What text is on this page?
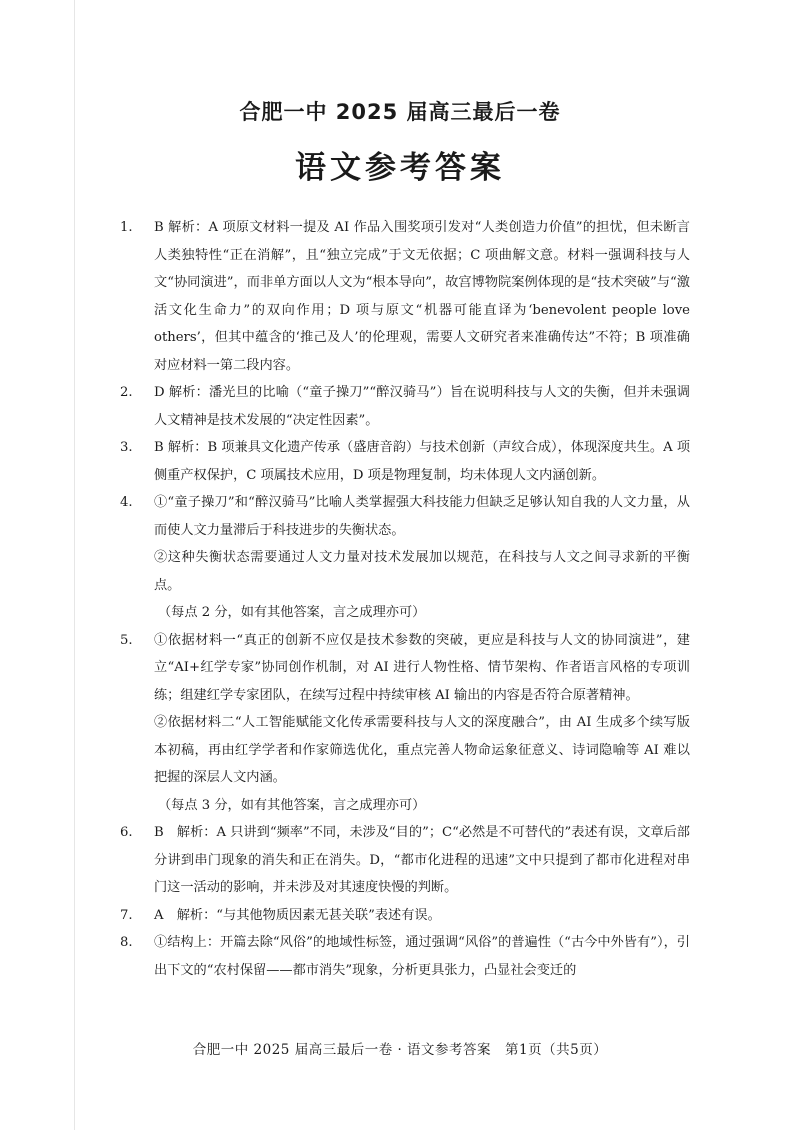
合肥一中 2025 届高三最后一卷
语文参考答案
1.	B 解析：A 项原文材料一提及 AI 作品入围奖项引发对“人类创造力价值”的担忧，但未断言人类独特性“正在消解”，且“独立完成”于文无依据；C 项曲解文意。材料一强调科技与人文“协同演进”，而非单方面以人文为“根本导向”，故宫博物院案例体现的是“技术突破”与“激活文化生命力”的双向作用；D 项与原文“机器可能直译为‘benevolent people love others’，但其中蕴含的‘推己及人’的伦理观，需要人文研究者来准确传达”不符；B 项准确对应材料一第二段内容。

2.	D 解析：潘光旦的比喻（“童子操刀”“醉汉骑马”）旨在说明科技与人文的失衡，但并未强调人文精神是技术发展的“决定性因素”。

3.	B 解析：B 项兼具文化遗产传承（盛唐音韵）与技术创新（声纹合成），体现深度共生。A 项侧重产权保护，C 项属技术应用，D 项是物理复制，均未体现人文内涵创新。

4.	①“童子操刀”和“醉汉骑马”比喻人类掌握强大科技能力但缺乏足够认知自我的人文力量，从而使人文力量滞后于科技进步的失衡状态。

②这种失衡状态需要通过人文力量对技术发展加以规范，在科技与人文之间寻求新的平衡点。

（每点 2 分，如有其他答案，言之成理亦可）

5.	①依据材料一“真正的创新不应仅是技术参数的突破，更应是科技与人文的协同演进”，建立“AI+红学专家”协同创作机制，对 AI 进行人物性格、情节架构、作者语言风格的专项训练；组建红学专家团队，在续写过程中持续审核 AI 输出的内容是否符合原著精神。

②依据材料二“人工智能赋能文化传承需要科技与人文的深度融合”，由 AI 生成多个续写版本初稿，再由红学学者和作家筛选优化，重点完善人物命运象征意义、诗词隐喻等 AI 难以把握的深层人文内涵。

（每点 3 分，如有其他答案，言之成理亦可）

6.	B　解析：A 只讲到“频率”不同，未涉及“目的”；C“必然是不可替代的”表述有误，文章后部分讲到串门现象的消失和正在消失。D，“都市化进程的迅速”文中只提到了都市化进程对串门这一活动的影响，并未涉及对其速度快慢的判断。

7.	A　解析：“与其他物质因素无甚关联”表述有误。

8.	①结构上：开篇去除“风俗”的地域性标签，通过强调“风俗”的普遍性（“古今中外皆有”），引出下文的“农村保留——都市消失”现象，分析更具张力，凸显社会变迁的

合肥一中 2025 届高三最后一卷 · 语文参考答案　第1页（共5页）
